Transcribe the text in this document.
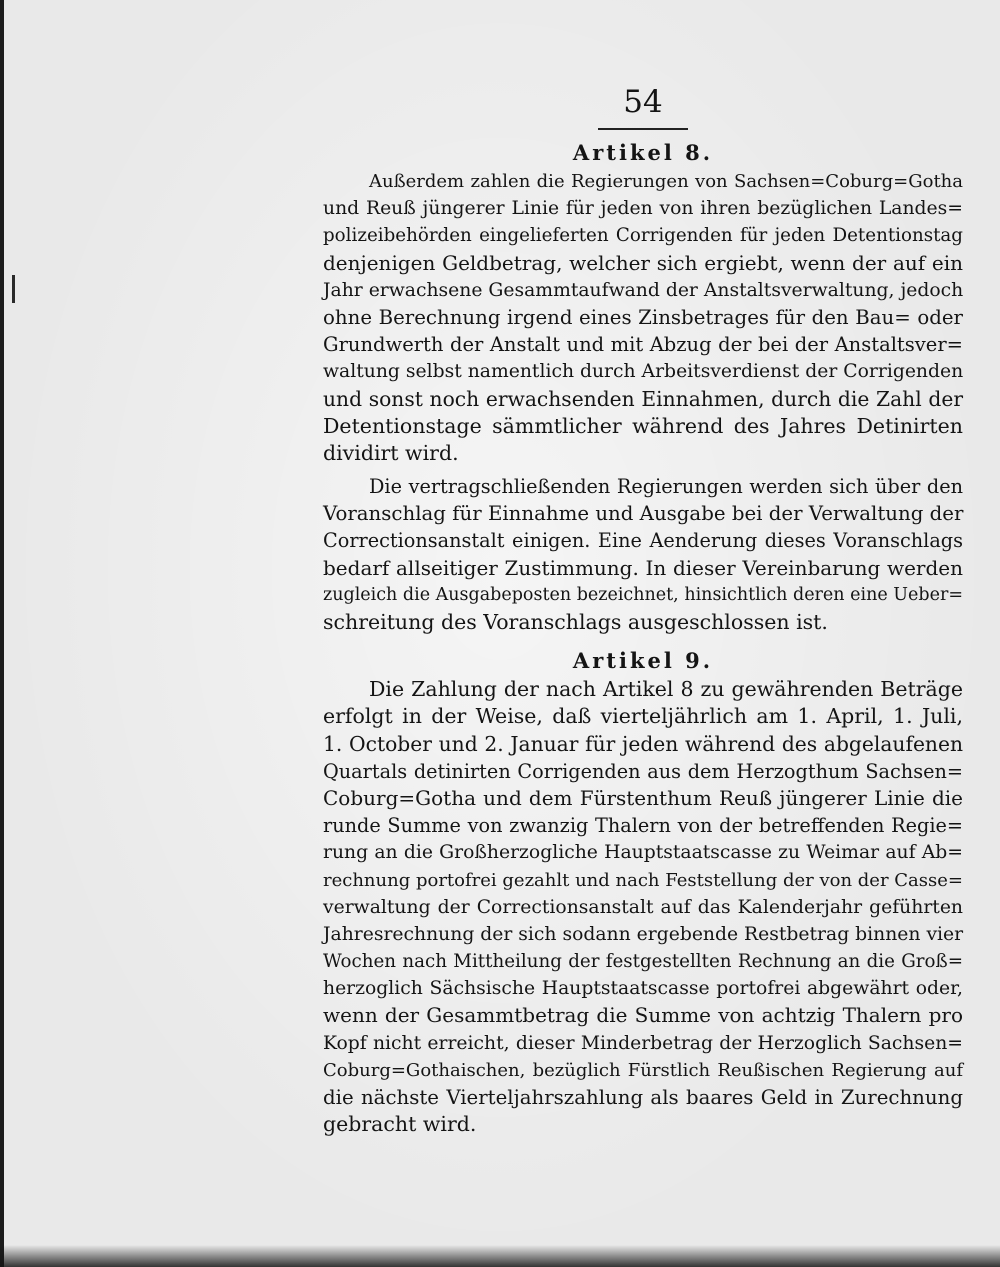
54
Artikel 8.
Außerdem zahlen die Regierungen von Sachsen=Coburg=Gotha
und Reuß jüngerer Linie für jeden von ihren bezüglichen Landes=
polizeibehörden eingelieferten Corrigenden für jeden Detentionstag
denjenigen Geldbetrag, welcher sich ergiebt, wenn der auf ein
Jahr erwachsene Gesammtaufwand der Anstaltsverwaltung, jedoch
ohne Berechnung irgend eines Zinsbetrages für den Bau= oder
Grundwerth der Anstalt und mit Abzug der bei der Anstaltsver=
waltung selbst namentlich durch Arbeitsverdienst der Corrigenden
und sonst noch erwachsenden Einnahmen, durch die Zahl der
Detentionstage sämmtlicher während des Jahres Detinirten
dividirt wird.
Die vertragschließenden Regierungen werden sich über den
Voranschlag für Einnahme und Ausgabe bei der Verwaltung der
Correctionsanstalt einigen. Eine Aenderung dieses Voranschlags
bedarf allseitiger Zustimmung. In dieser Vereinbarung werden
zugleich die Ausgabeposten bezeichnet, hinsichtlich deren eine Ueber=
schreitung des Voranschlags ausgeschlossen ist.
Artikel 9.
Die Zahlung der nach Artikel 8 zu gewährenden Beträge
erfolgt in der Weise, daß vierteljährlich am 1. April, 1. Juli,
1. October und 2. Januar für jeden während des abgelaufenen
Quartals detinirten Corrigenden aus dem Herzogthum Sachsen=
Coburg=Gotha und dem Fürstenthum Reuß jüngerer Linie die
runde Summe von zwanzig Thalern von der betreffenden Regie=
rung an die Großherzogliche Hauptstaatscasse zu Weimar auf Ab=
rechnung portofrei gezahlt und nach Feststellung der von der Casse=
verwaltung der Correctionsanstalt auf das Kalenderjahr geführten
Jahresrechnung der sich sodann ergebende Restbetrag binnen vier
Wochen nach Mittheilung der festgestellten Rechnung an die Groß=
herzoglich Sächsische Hauptstaatscasse portofrei abgewährt oder,
wenn der Gesammtbetrag die Summe von achtzig Thalern pro
Kopf nicht erreicht, dieser Minderbetrag der Herzoglich Sachsen=
Coburg=Gothaischen, bezüglich Fürstlich Reußischen Regierung auf
die nächste Vierteljahrszahlung als baares Geld in Zurechnung
gebracht wird.
